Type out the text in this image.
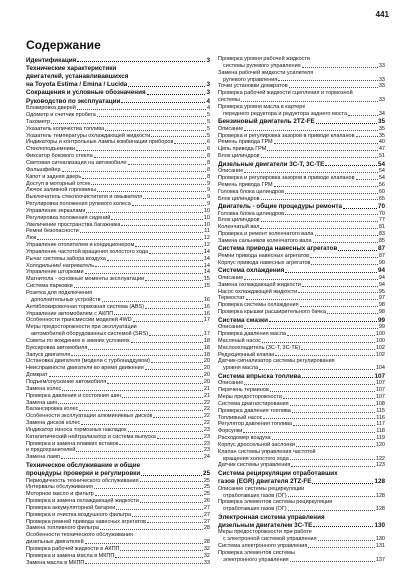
441
Содержание
Идентификация	3
Технические характеристики
двигателей, устанавливавшихся
на Toyota Estima / Emina / Lucida	3
Сокращения и условные обозначения	3
Руководство по эксплуатации	4
Блокировка дверей	4
Одометр и счетчик пробега	5
Тахометр	5
Указатель количества топлива	5
Указатель температуры охлаждающей жидкости	5
Индикаторы и контрольные лампы комбинации приборов	6
Стеклоподъемники	6
Фиксатор бокового стекла	8
Световая сигнализация на автомобиле	8
Фальшфейер	8
Капот и задняя дверь	8
Доступ в моторный отсек	9
Лючок заливной горловины	9
Выключатель стеклоочистителя и омывателя	9
Регулировка положения рулевого колеса	9
Управление зеркалами	10
Регулировка положения сидений	10
Увеличение пространства багажника	10
Ремни безопасности	11
Люк	12
Управление отопителем и кондиционером	12
Управление частотой вращения холостого хода	14
Рычаг системы забора воздуха	14
Холодильник/ нагреватель	14
Управление шторками	14
Магнитола - основные моменты эксплуатации	15
Система парковки	15
Розетка для подключения
дополнительных устройств	16
Антиблокировочная тормозная система (ABS)	16
Управление автомобилем с АКПП	16
Особенности трансмиссии моделей 4WD	17
Меры предосторожности при эксплуатации
автомобилей оборудованных системой (SRS)	17
Советы по вождению в зимних условиях	18
Буксировка автомобиля	18
Запуск двигателя	18
Остановка двигателя (модели с турбонаддувом)	20
Неисправности двигателя во время движения	20
Домкрат	20
Подъем/опускание автомобиля	20
Замена колес	21
Проверка давления и состояния шин	21
Замена шин	22
Балансировка колес	22
Особенности эксплуатации алюминиевых дисков	22
Замена дисков колес	22
Индикатор износа тормозных накладок	23
Каталитический нейтрализатор и система выпуска	23
Проверка и замена плавких вставок	23
и предохранителей	23
Замена ламп	24
Техническое обслуживание и общие
процедуры проверки и регулировки	25
Периодичность технического обслуживания	25
Интервалы обслуживания	25
Моторное масло и фильтр	25
Проверка и замена охлаждающей жидкости	26
Проверка аккумуляторной батареи	27
Проверка и очистка воздушного фильтра	27
Проверка ремней привода навесных агрегатов	27
Замена топливного фильтра	28
Особенности технического обслуживания
дизельных двигателей	28
Проверка рабочей жидкости в АКПП	32
Проверка и замена масла в МКПП	32
Замена масла в МКПП	33
Проверка уровня рабочей жидкости
системы рулевого управления	33
Замена рабочей жидкости усилителя
рулевого управления	33
Точки установки домкратов	33
Проверка рабочей жидкости сцепления и тормозной
системы	33
Проверка уровня масла в картере
переднего редуктора и редуктора заднего моста	34
Бензиновый двигатель 2TZ-FE	35
Описание	35
Проверка и регулировка зазоров в приводе клапанов	35
Ремень привода ГРМ	40
Цепь привода ГРМ	47
Блок цилиндров	51
Дизельные двигатели 3С-Т, 3С-ТЕ	54
Описание	54
Проверка и регулировка зазоров в приводе клапанов	54
Ремень привода ГРМ	56
Головка блока цилиндров	60
Блок цилиндров	65
Двигатель - общие процедуры ремонта	70
Головка блока цилиндров	70
Блок цилиндров	77
Коленчатый вал	81
Проверка и ремонт коленчатого вала	83
Замена сальников коленчатого вала	85
Система привода навесных агрегатов	87
Ремни привода навесных агрегатов	87
Корпус привода навесных агрегатов	90
Система охлаждения	94
Описание	94
Замена охлаждающей жидкости	94
Насос охлаждающей жидкости	95
Термостат	97
Проверка системы охлаждения	98
Проверка крышки расширительного бачка	98
Система смазки	99
Описание	99
Проверка давления масла	100
Масляный насос	100
Маслоохладитель (3С-Т, 3С-ТЕ)	102
Редукционный клапан	102
Датчик-сигнализатор системы регулирования
уровня масла	104
Система впрыска топлива	107
Описание	107
Перечень терминов	107
Меры предосторожности	107
Система диагностирования	108
Проверка давления топлива	115
Топливный насос	116
Регулятор давления топлива	117
Форсунки	118
Расходомер воздуха	119
Корпус дроссельной заслонки	120
Клапан системы управления частотой
вращения холостого хода	122
Датчик системы управления	123
Система рециркуляции отработавших
газов (EGR) двигателя 2TZ-FE	128
Описание системы рециркуляции
отработавших газов (ОГ)	128
Проверка элементов системы рециркуляции
отработавших газов (ОГ)	128
Электронная система управления
дизельным двигателем 3С-ТЕ	130
Меры предосторожности при работе
с электронной системой управления	130
Система электронного управления	131
Проверка элементов системы
электронного управления	137
